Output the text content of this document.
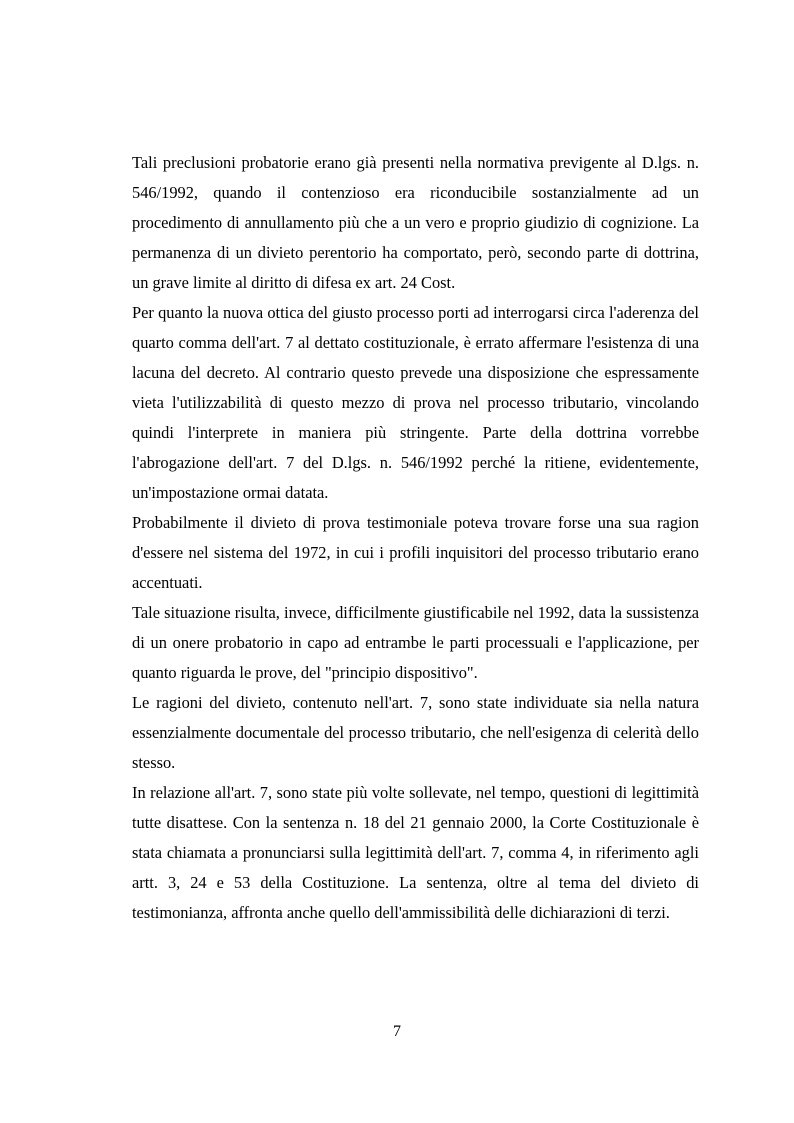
Tali preclusioni probatorie erano già presenti nella normativa previgente al D.lgs. n. 546/1992, quando il contenzioso era riconducibile sostanzialmente ad un procedimento di annullamento più che a un vero e proprio giudizio di cognizione. La permanenza di un divieto perentorio ha comportato, però, secondo parte di dottrina, un grave limite al diritto di difesa ex art. 24 Cost.

Per quanto la nuova ottica del giusto processo porti ad interrogarsi circa l'aderenza del quarto comma dell'art. 7 al dettato costituzionale, è errato affermare l'esistenza di una lacuna del decreto. Al contrario questo prevede una disposizione che espressamente vieta l'utilizzabilità di questo mezzo di prova nel processo tributario, vincolando quindi l'interprete in maniera più stringente. Parte della dottrina vorrebbe l'abrogazione dell'art. 7 del D.lgs. n. 546/1992 perché la ritiene, evidentemente, un'impostazione ormai datata.

Probabilmente il divieto di prova testimoniale poteva trovare forse una sua ragion d'essere nel sistema del 1972, in cui i profili inquisitori del processo tributario erano accentuati.

Tale situazione risulta, invece, difficilmente giustificabile nel 1992, data la sussistenza di un onere probatorio in capo ad entrambe le parti processuali e l'applicazione, per quanto riguarda le prove, del "principio dispositivo".

Le ragioni del divieto, contenuto nell'art. 7, sono state individuate sia nella natura essenzialmente documentale del processo tributario, che nell'esigenza di celerità dello stesso.

In relazione all'art. 7, sono state più volte sollevate, nel tempo, questioni di legittimità tutte disattese. Con la sentenza n. 18 del 21 gennaio 2000, la Corte Costituzionale è stata chiamata a pronunciarsi sulla legittimità dell'art. 7, comma 4, in riferimento agli artt. 3, 24 e 53 della Costituzione. La sentenza, oltre al tema del divieto di testimonianza, affronta anche quello dell'ammissibilità delle dichiarazioni di terzi.

7
